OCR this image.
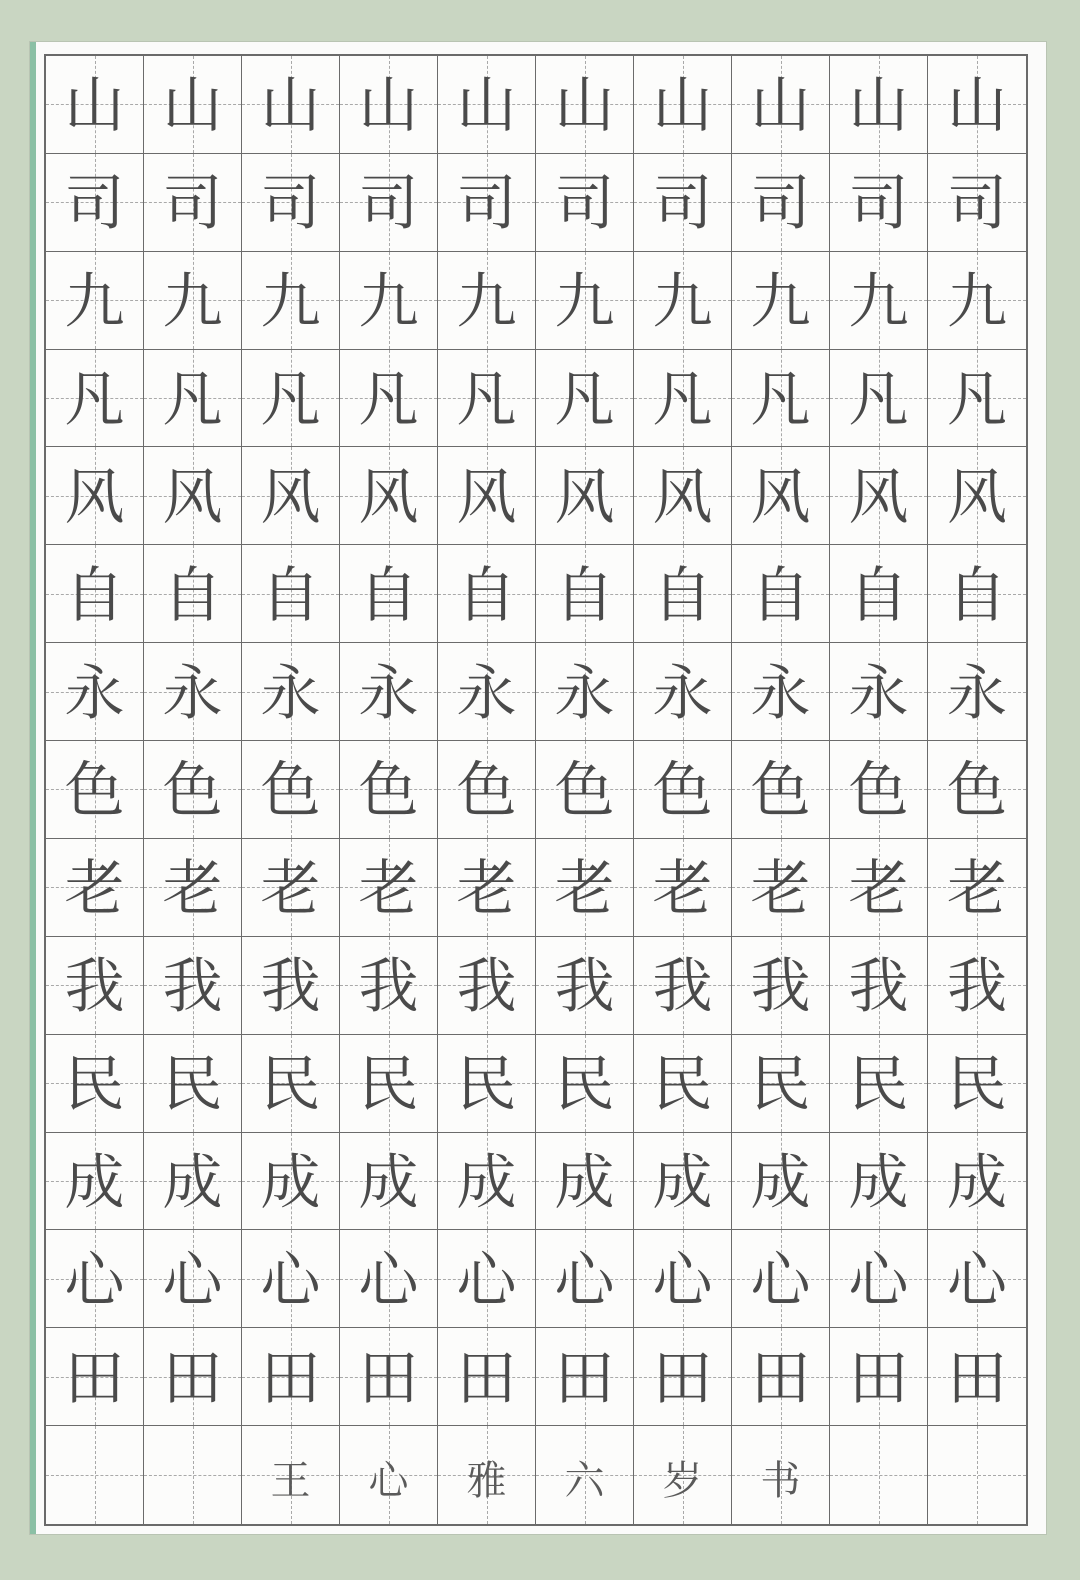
山 山 山 山 山 山 山 山 山 山
司 司 司 司 司 司 司 司 司 司
九 九 九 九 九 九 九 九 九 九
凡 凡 凡 凡 凡 凡 凡 凡 凡 凡
风 风 风 风 风 风 风 风 风 风
自 自 自 自 自 自 自 自 自 自
永 永 永 永 永 永 永 永 永 永
色 色 色 色 色 色 色 色 色 色
老 老 老 老 老 老 老 老 老 老
我 我 我 我 我 我 我 我 我 我
民 民 民 民 民 民 民 民 民 民
成 成 成 成 成 成 成 成 成 成
心 心 心 心 心 心 心 心 心 心
田 田 田 田 田 田 田 田 田 田
王 心 雅 六 岁 书
